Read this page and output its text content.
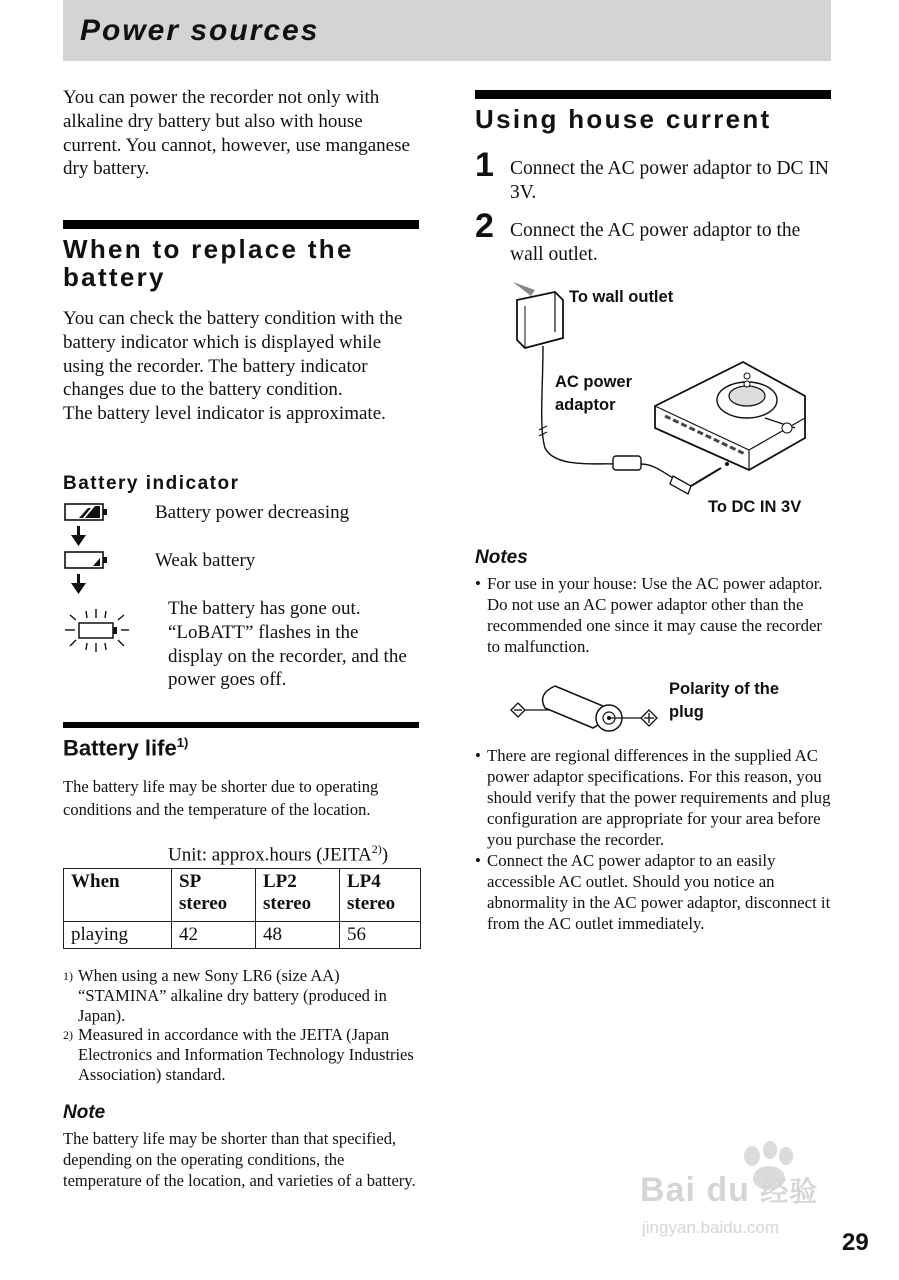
Power sources

You can power the recorder not only with alkaline dry battery but also with house current. You cannot, however, use manganese dry battery.

When to replace the battery

You can check the battery condition with the battery indicator which is displayed while using the recorder. The battery indicator changes due to the battery condition.

The battery level indicator is approximate.

Battery indicator
Battery power decreasing
Weak battery
The battery has gone out. “LoBATT” flashes in the display on the recorder, and the power goes off.
Battery life$^{1)}$

The battery life may be shorter due to operating conditions and the temperature of the location.

Unit: approx.hours (JEITA$^{2)}$)
When	SP stereo	LP2 stereo	LP4 stereo
playing	42	48	56
1) When using a new Sony LR6 (size AA) “STAMINA” alkaline dry battery (produced in Japan).
2) Measured in accordance with the JEITA (Japan Electronics and Information Technology Industries Association) standard.
Note

The battery life may be shorter than that specified, depending on the operating conditions, the temperature of the location, and varieties of a battery.

Using house current
1 Connect the AC power adaptor to DC IN 3V.
2 Connect the AC power adaptor to the wall outlet.
To wall outlet
AC power
adaptor
To DC IN 3V
Notes
• For use in your house: Use the AC power adaptor. Do not use an AC power adaptor other than the recommended one since it may cause the recorder to malfunction.
Polarity of the
plug
• There are regional differences in the supplied AC power adaptor specifications. For this reason, you should verify that the power requirements and plug configuration are appropriate for your area before you purchase the recorder.
• Connect the AC power adaptor to an easily accessible AC outlet. Should you notice an abnormality in the AC power adaptor, disconnect it from the AC outlet immediately.
Bai du 经验
jingyan.baidu.com
29
